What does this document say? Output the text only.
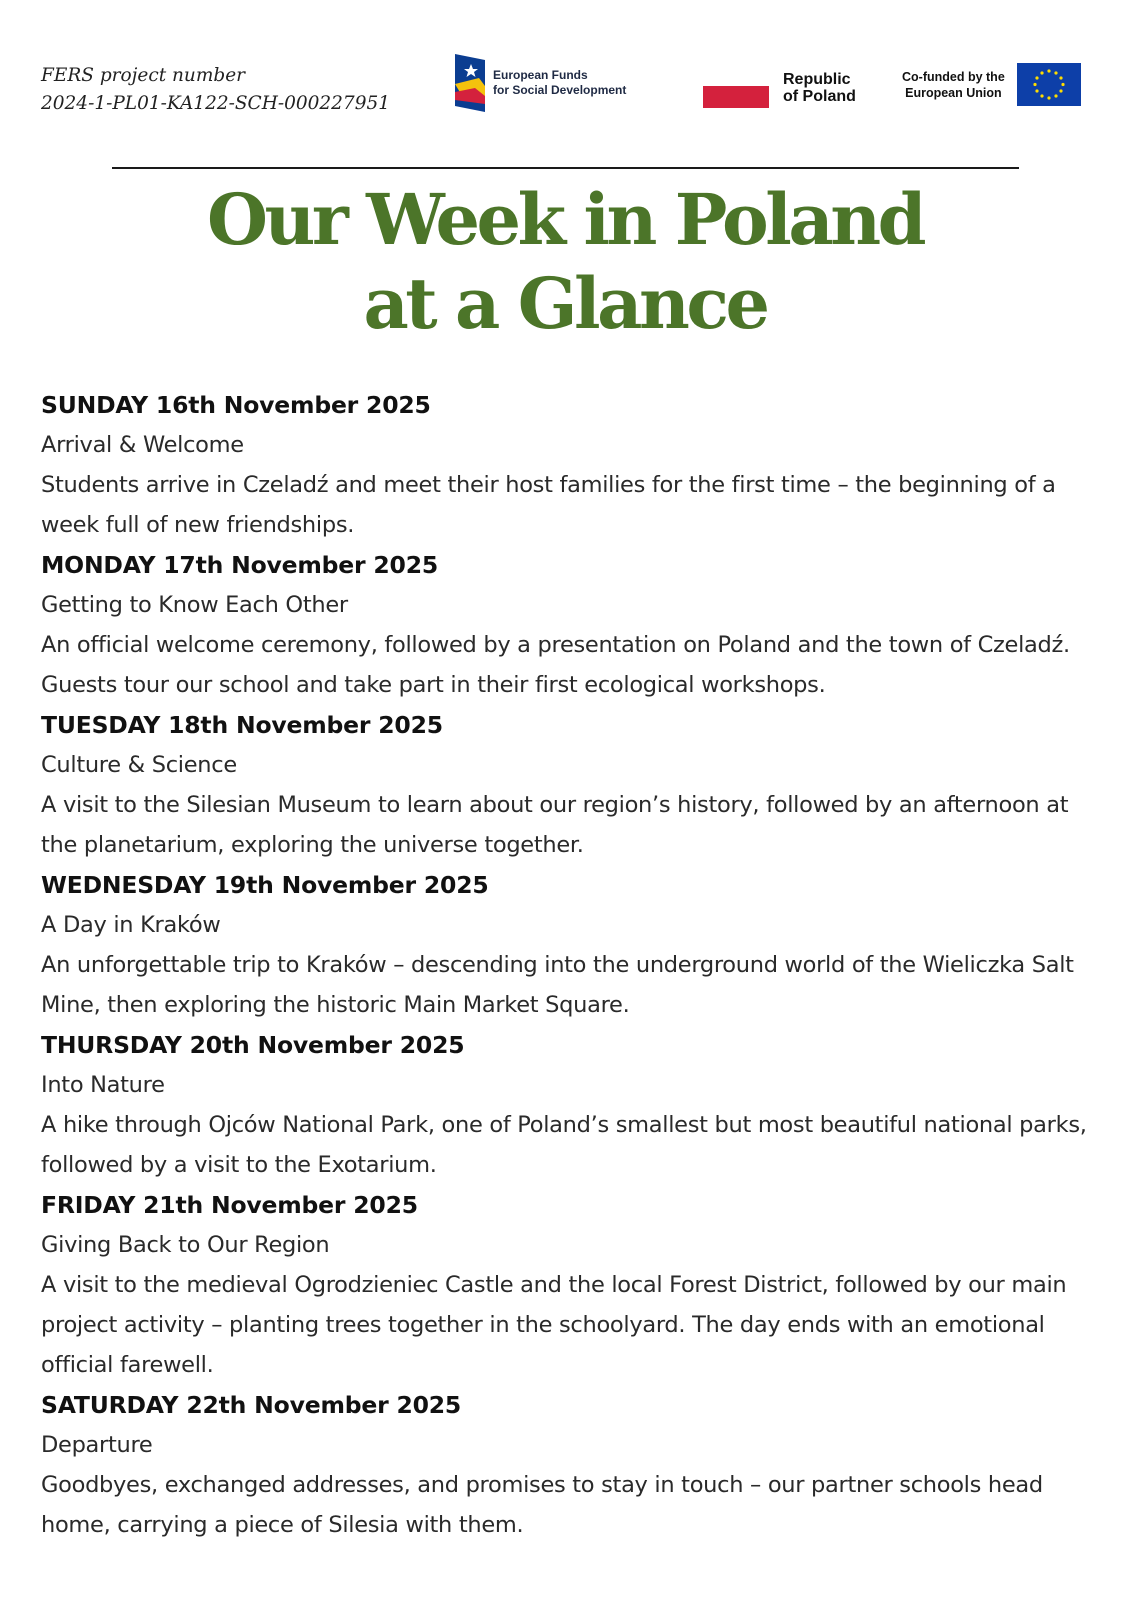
FERS project number
2024-1-PL01-KA122-SCH-000227951
European Funds
for Social Development
Republic
of Poland
Co-funded by the
European Union
Our Week in Poland
at a Glance
SUNDAY 16th November 2025
Arrival & Welcome
Students arrive in Czeladź and meet their host families for the first time – the beginning of a week full of new friendships.
MONDAY 17th November 2025
Getting to Know Each Other
An official welcome ceremony, followed by a presentation on Poland and the town of Czeladź. Guests tour our school and take part in their first ecological workshops.
TUESDAY 18th November 2025
Culture & Science
A visit to the Silesian Museum to learn about our region’s history, followed by an afternoon at the planetarium, exploring the universe together.
WEDNESDAY 19th November 2025
A Day in Kraków
An unforgettable trip to Kraków – descending into the underground world of the Wieliczka Salt Mine, then exploring the historic Main Market Square.
THURSDAY 20th November 2025
Into Nature
A hike through Ojców National Park, one of Poland’s smallest but most beautiful national parks, followed by a visit to the Exotarium.
FRIDAY 21th November 2025
Giving Back to Our Region
A visit to the medieval Ogrodzieniec Castle and the local Forest District, followed by our main project activity – planting trees together in the schoolyard. The day ends with an emotional official farewell.
SATURDAY 22th November 2025
Departure
Goodbyes, exchanged addresses, and promises to stay in touch – our partner schools head home, carrying a piece of Silesia with them.
